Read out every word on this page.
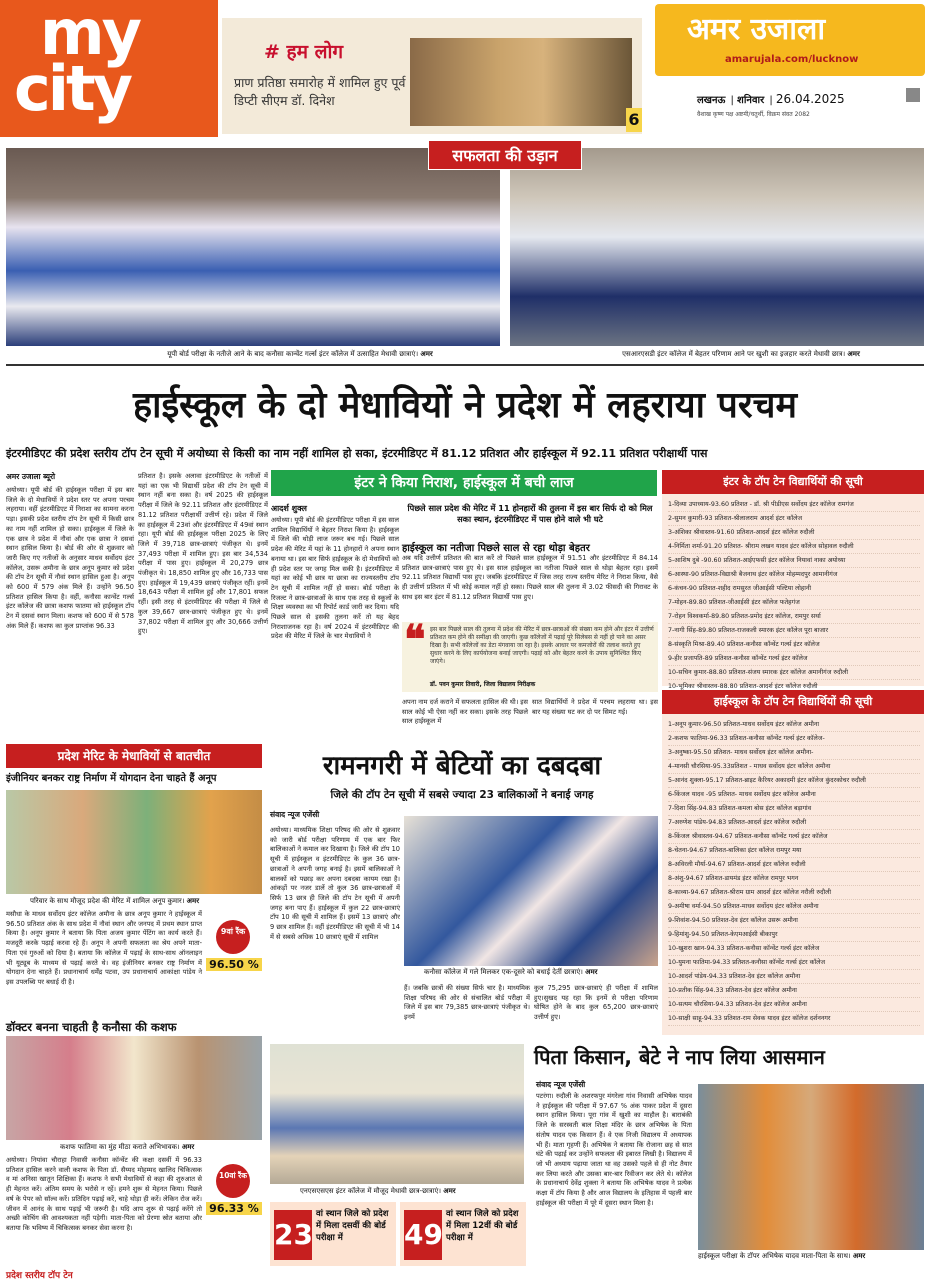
my
city	# हम लोग
प्राण प्रतिष्ठा समारोह में शामिल हुए पूर्व डिप्टी सीएम डॉ. दिनेश
6
अमर उजाला
amarujala.com/lucknow
लखनऊ | शनिवार | 26.04.2025
वैशाख कृष्ण पक्ष अष्टमी/चतुर्थी, विक्रम संवत 2082
सफलता की उड़ान
यूपी बोर्ड परीक्षा के नतीजे आने के बाद कनौसा कान्वेंट गर्ल्स इंटर कॉलेज में उत्साहित मेधावी छात्राएं। अमर	एसआरएसडी इंटर कॉलेज में बेहतर परिणाम आने पर खुशी का इजहार करते मेधावी छात्र। अमर
हाईस्कूल के दो मेधावियों ने प्रदेश में लहराया परचम
इंटरमीडिएट की प्रदेश स्तरीय टॉप टेन सूची में अयोध्या से किसी का नाम नहीं शामिल हो सका, इंटरमीडिएट में 81.12 प्रतिशत और हाईस्कूल में 92.11 प्रतिशत परीक्षार्थी पास
अमर उजाला ब्यूरो
अयोध्या। यूपी बोर्ड की हाईस्कूल परीक्षा में इस बार जिले के दो मेधावियों ने प्रदेश स्तर पर अपना परचम लहराया। वहीं इंटरमीडिएट में निराशा का सामना करना पड़ा। इसकी प्रदेश स्तरीय टॉप टेन सूची में किसी छात्र का नाम नहीं शामिल हो सका। हाईस्कूल में जिले के एक छात्र ने प्रदेश में नौवां और एक छात्रा ने दसवां स्थान हासिल किया है। बोर्ड की ओर से शुक्रवार को जारी किए गए नतीजों के अनुसार माधव सर्वोदय इंटर कॉलेज, उसरू अमौना के छात्र अनूप कुमार को प्रदेश की टॉप टेन सूची में नौवां स्थान हासिल हुआ है। अनूप को 600 में 579 अंक मिले हैं। उन्होंने 96.50 प्रतिशत हासिल किया है। वहीं, कनौसा कान्वेंट गर्ल्स इंटर कॉलेज की छात्रा कशफ फातमा को हाईस्कूल टॉप टेन में दसवां स्थान मिला। कशफ को 600 में से 578 अंक मिले हैं। कशफ का कुल प्राप्तांक 96.33
प्रतिशत है। इसके अलावा इंटरमीडिएट के नतीजों में यहां का एक भी विद्यार्थी प्रदेश की टॉप टेन सूची में स्थान नहीं बना सका है। वर्ष 2025 की हाईस्कूल परीक्षा में जिले के 92.11 प्रतिशत और इंटरमीडिएट में 81.12 प्रतिशत परीक्षार्थी उत्तीर्ण रहे। प्रदेश में जिले का हाईस्कूल में 23वां और इंटरमीडिएट में 49वां स्थान रहा। यूपी बोर्ड की हाईस्कूल परीक्षा 2025 के लिए जिले में 39,718 छात्र-छात्राएं पंजीकृत थे। इनमें 37,493 परीक्षा में शामिल हुए। इस बार 34,534 परीक्षा में पास हुए। हाईस्कूल में 20,279 छात्र पंजीकृत थे। 18,850 शामिल हुए और 16,733 पास हुए। हाईस्कूल में 19,439 छात्राएं पंजीकृत रहीं। इनमें 18,643 परीक्षा में शामिल हुईं और 17,801 सफल रहीं। इसी तरह से इंटरमीडिएट की परीक्षा में जिले से कुल 39,667 छात्र-छात्राएं पंजीकृत हुए थे। इनमें 37,802 परीक्षा में शामिल हुए और 30,666 उत्तीर्ण हुए।
इंटर ने किया निराश, हाईस्कूल में बची लाज
आदर्श शुक्ल
अयोध्या। यूपी बोर्ड की इंटरमीडिएट परीक्षा में इस साल शामिल विद्यार्थियों ने बेहतर निराश किया है। हाईस्कूल में जिले की थोड़ी लाज जरूर बच गई। पिछले साल प्रदेश की मेरिट में यहां के 11 होनहारों ने अपना स्थान बनाया था। इस बार सिर्फ हाईस्कूल के दो मेधावियों को ही प्रदेश स्तर पर जगह मिल सकी है। इंटरमीडिएट में यहां का कोई भी छात्र या छात्रा का राज्यस्तरीय टॉप टेन सूची में शामिल नहीं हो सका। बोर्ड परीक्षा के रिजल्ट ने छात्र-छात्राओं के साथ एक तरह से स्कूलों के शिक्षा व्यवस्था का भी रिपोर्ट कार्ड जारी कर दिया। यदि पिछले साल से इसकी तुलना करें तो यह बेहद निराशाजनक रहा है। वर्ष 2024 में इंटरमीडिएट की प्रदेश की मेरिट में जिले के चार मेधावियों ने
पिछले साल प्रदेश की मेरिट में 11 होनहारों की तुलना में इस बार सिर्फ दो को मिल सका स्थान, इंटरमीडिएट में पास होने वाले भी घटे
हाईस्कूल का नतीजा पिछले साल से रहा थोड़ा बेहतर
अब यदि उत्तीर्ण प्रतिशत की बात करें तो पिछले साल हाईस्कूल में 91.51 और इंटरमीडिएट में 84.14 प्रतिशत छात्र-छात्राएं पास हुए थे। इस साल हाईस्कूल का नतीजा पिछले साल से थोड़ा बेहतर रहा। इसमें 92.11 प्रतिशत विद्यार्थी पास हुए। जबकि इंटरमीडिएट में जिस तरह राज्य स्तरीय मेरिट ने निराश किया, वैसे ही उत्तीर्ण प्रतिशत में भी कोई कमाल नहीं हो सका। पिछले साल की तुलना में 3.02 फीसदी की गिरावट के साथ इस बार इंटर में 81.12 प्रतिशत विद्यार्थी पास हुए।
❝ इस बार पिछले साल की तुलना में प्रदेश की मेरिट में छात्र-छात्राओं की संख्या कम होने और इंटर में उत्तीर्ण प्रतिशत कम होने की समीक्षा की जाएगी। कुछ कॉलेजों में पढ़ाई पूरे सिलेबस से नहीं हो पाने का असर दिखा है। सभी कॉलेजों का डेटा मंगवाया जा रहा है। इसके आधार पर कमजोरों की तलाश करते हुए सुधार करने के लिए कार्ययोजना बनाई जाएगी। पढ़ाई को और बेहतर करने के उपाय सुनिश्चित किए जाएंगे।
डॉ. पवन कुमार तिवारी, जिला विद्यालय निरीक्षक
अपना नाम दर्ज कराने में सफलता हासिल की थी। इस साल कोई भी ऐसा नहीं कर सका। इसके तरह पिछले साल हाईस्कूल में
सात विद्यार्थियों ने प्रदेश में परचम लहराया था। इस बार यह संख्या घट कर दो पर सिमट गई।
इंटर के टॉप टेन विद्यार्थियों की सूची
1-दिव्या उपाध्याय-93.60 प्रतिशत - डॉ. श्री पीडीएस सर्वोदय इंटर कॉलेज रामगंज
2-सुमन कुमारी-93 प्रतिशत-श्रीलालराम आदर्श इंटर कॉलेज
3-अंशिका श्रीवास्तव-91.60 प्रतिशत-आदर्श इंटर कॉलेज रुदौली
4-निर्मिता शर्मा-91.20 प्रतिशत- श्रीराम लखन यादव इंटर कॉलेज सोहावल रुदौली
5-आशिष दुबे -90.60 प्रतिशत-आईएफसी इंटर कॉलेज नियावां नाका अयोध्या
6-आस्था-90 प्रतिशत-विद्याश्री बैजनाथ इंटर कॉलेज मोहम्मदपुर आमानीगंज
6-कंचन-90 प्रतिशत-शहीद रामसुरत जीआईसी पल्टिया लोहानी
7-मोहन-89.80 प्रतिशत-जीआईसी इंटर कॉलेज फतेहगंज
7-रोहन विश्वकर्मा-89.80 प्रतिशत-प्रमोद इंटर कॉलेज, रामपुर सर्था
7-नागी सिंह-89.80 प्रतिशत-राजकली स्मारक इंटर कॉलेज पूरा बाजार
8-संस्कृति मिश्रा-89.40 प्रतिशत-कनौसा कॉन्वेंट गर्ल्स इंटर कॉलेज
9-हीर प्रजापति-89 प्रतिशत-कनौसा कॉन्वेंट गर्ल्स इंटर कॉलेज
10-सचिन कुमार-88.80 प्रतिशत-संजय स्मारक इंटर कॉलेज अमानीगंज रुदौली
10-भूमिका श्रीवास्तव-88.80 प्रतिशत-आदर्श इंटर कॉलेज रुदौली
हाईस्कूल के टॉप टेन विद्यार्थियों की सूची
1-अनूप कुमार-96.50 प्रतिशत-माधव सर्वोदय इंटर कॉलेज अमौना
2-कशफ फातिमा-96.33 प्रतिशत-कनौसा कॉन्वेंट गर्ल्स इंटर कॉलेज-
3-अनुष्का-95.50 प्रतिशत- माधव सर्वोदय इंटर कॉलेज अमौना-
4-मानसी चौरसिया-95.33प्रतिशत - माधव सर्वोदय इंटर कॉलेज अमौना
5-आनंद शुक्ला-95.17 प्रतिशत-ब्राइट कैरियर अकादमी इंटर कॉलेज कुंदरकोचर रुदौली
6-किंजल यादव -95 प्रतिशत- माधव सर्वोदय इंटर कॉलेज अमौना
7-दिशा सिंह-94.83 प्रतिशत-कमला बोस इंटर कॉलेज बड़ागांव
7-अरुणेश पांडेय-94.83 प्रतिशत-आदर्श इंटर कॉलेज रुदौली
8-किंजल श्रीवास्तव-94.67 प्रतिशत-कनौसा कॉन्वेंट गर्ल्स इंटर कॉलेज
8-चेतना-94.67 प्रतिशत-बालिका इंटर कॉलेज रामपुर मया
8-अविरली मौर्या-94.67 प्रतिशत-आदर्श इंटर कॉलेज रुदौली
8-अंशु-94.67 प्रतिशत-डायमंड इंटर कॉलेज रामपुर भगन
8-काव्या-94.67 प्रतिशत-श्रीराम ग्राम आदर्श इंटर कॉलेज नरौली रुदौली
9-अमीषा वर्मा-94.50 प्रतिशत-माधव सर्वोदय इंटर कॉलेज अमौना
9-शिवांश-94.50 प्रतिशत-देव इंटर कॉलेज उसरू अमौना
9-हिमांशु-94.50 प्रतिशत-केएमआईसी बीकापुर
10-खुशरा खान-94.33 प्रतिशत-कनौसा कॉन्वेंट गर्ल्स इंटर कॉलेज
10-युमना फातिमा-94.33 प्रतिशत-कनौसा कॉन्वेंट गर्ल्स इंटर कॉलेज
10-आदर्श पांडेय-94.33 प्रतिशत-देव इंटर कॉलेज अमौना
10-प्रतीक सिंह-94.33 प्रतिशत-देव इंटर कॉलेज अमौना
10-सत्यम चौरसिया-94.33 प्रतिशत-देव इंटर कॉलेज अमौना
10-साक्षी साहू-94.33 प्रतिशत-राम सेवक यादव इंटर कॉलेज दर्शननगर
प्रदेश मेरिट के मेधावियों से बातचीत
इंजीनियर बनकर राष्ट्र निर्माण में योगदान देना चाहते हैं अनूप
परिवार के साथ मौजूद प्रदेश की मेरिट में शामिल अनूप कुमार। अमर
मसौधा के माधव सर्वोदय इंटर कॉलेज अमौना के छात्र अनूप कुमार ने हाईस्कूल में 96.50 प्रतिशत अंक के साथ प्रदेश में नौवां स्थान और जनपद में प्रथम स्थान प्राप्त किया है। अनूप कुमार ने बताया कि पिता अजय कुमार पेंटिंग का कार्य करते हैं। मजदूरी करके पढ़ाई करवा रहे हैं। अनूप ने अपनी सफलता का श्रेय अपने माता-पिता एवं गुरुओं को दिया है। बताया कि कॉलेज में पढ़ाई के साथ-साथ ऑनलाइन भी यूट्यूब के माध्यम से पढ़ाई करते थे। वह इंजीनियर बनकर राष्ट्र निर्माण में योगदान देना चाहते हैं। प्रधानाचार्य धर्मेंद्र पटवा, उप प्रधानाचार्य आकांक्षा पांडेय ने इस उपलब्धि पर बधाई दी है।
9वां रैंक
96.50 %
डॉक्टर बनना चाहती है कनौसा की कशफ
कशफ फातिमा का मुंह मीठा कराते अभिभावक। अमर
अयोध्या। नियांवा चौराहा निवासी कनौसा कॉन्वेंट की कक्षा दसवीं में 96.33 प्रतिशत हासिल करने वाली कशफ के पिता डॉ. सैय्यद मोहम्मद खालिद चिकित्सक व मां अनिसा खातून शिक्षिका हैं। कशफ ने सभी मेधावियों से कहा की शुरुआत से ही मेहनत करें। अंतिम समय के भरोसे न रहें। हमने शुरू से मेहनत किया। पिछले वर्ष के पेपर को सॉल्व करें। प्रतिदिन पढ़ाई करें, चाहे थोड़ा ही करें। लेकिन रोज करें। जीवन में आनंद के साथ पढ़ाई भी जरूरी है। यदि आप शुरू से पढ़ाई करेंगे तो अच्छी कोचिंग की आवश्यकता नहीं पड़ेगी। माता-पिता को प्रेरणा स्रोत बताया और बताया कि भविष्य में चिकित्सक बनकर सेवा करना है।
10वां रैंक
96.33 %
रामनगरी में बेटियों का दबदबा
जिले की टॉप टेन सूची में सबसे ज्यादा 23 बालिकाओं ने बनाई जगह
संवाद न्यूज एजेंसी
अयोध्या। माध्यमिक शिक्षा परिषद की ओर से शुक्रवार को जारी बोर्ड परीक्षा परिणाम में एक बार फिर बालिकाओं ने कमाल कर दिखाया है। जिले की टॉप 10 सूची में हाईस्कूल व इंटरमीडिएट के कुल 36 छात्र-छात्राओं ने अपनी जगह बनाई है। इसमें बालिकाओं ने बालकों को पछाड़ कर अपना दबदबा कायम रखा है। आंकड़ों पर नजर डालें तो कुल 36 छात्र-छात्राओं में सिर्फ 13 छात्र ही जिले की टॉप टेन सूची में अपनी जगह बना पाए हैं। हाईस्कूल में कुल 22 छात्र-छात्राएं टॉप 10 की सूची में शामिल हैं। इसमें 13 छात्राएं और 9 छात्र शामिल हैं। वहीं इंटरमीडिएट की सूची में भी 14 में से सबसे अधिक 10 छात्राएं सूची में शामिल
कनौसा कॉलेज में गले मिलकर एक-दूसरे को बधाई देतीं छात्राएं। अमर
हैं। जबकि छात्रों की संख्या सिर्फ चार है। माध्यमिक शिक्षा परिषद की ओर से संचालित बोर्ड परीक्षा में जिले में इस बार 79,385 छात्र-छात्राएं पंजीकृत थे। इनमें
कुल 75,295 छात्र-छात्राएं ही परीक्षा में शामिल हुए।सुखद यह रहा कि इनमें से परीक्षा परिणाम घोषित होने के बाद कुल 65,200 छात्र-छात्राएं उत्तीर्ण हुए।
एनएसएसएस इंटर कॉलेज में मौजूद मेधावी छात्र-छात्राएं। अमर
23
वां स्थान जिले को प्रदेश में मिला दसवीं की बोर्ड परीक्षा में	49
वां स्थान जिले को प्रदेश में मिला 12वीं की बोर्ड परीक्षा में
पिता किसान, बेटे ने नाप लिया आसमान
संवाद न्यूज एजेंसी
पटरंगा। रुदौली के अशरफपुर मंगरेला गांव निवासी अभिषेक यादव ने हाईस्कूल की परीक्षा में 97.67 % अंक पाकर प्रदेश में दूसरा स्थान हासिल किया। पूरा गांव में खुशी का माहौल है। बाराबंकी जिले के सरस्वती बाल शिक्षा मंदिर के छात्र अभिषेक के पिता संतोष यादव एक किसान हैं। वे एक निजी विद्यालय में अध्यापक भी हैं। माता गृहणी हैं। अभिषेक ने बताया कि रोजाना छह से सात घंटे की पढ़ाई कर उन्होंने सफलता की इबारत लिखी है। विद्यालय में जो भी अध्याय पढ़ाया जाता था वह उसको पहले से ही नोट तैयार कर लिया करते और उसका बार-बार रिवीजन कर लेते थे। कॉलेज के प्रधानाचार्य देवेंद्र शुक्ला ने बताया कि अभिषेक यादव ने प्रत्येक कक्षा में टॉप किया है और आज विद्यालय के इतिहास में पहली बार हाईस्कूल की परीक्षा में पूरे में दूसरा स्थान मिला है।
हाईस्कूल परीक्षा के टॉपर अभिषेक यादव माता-पिता के साथ। अमर
प्रदेश स्तरीय टॉप टेन
